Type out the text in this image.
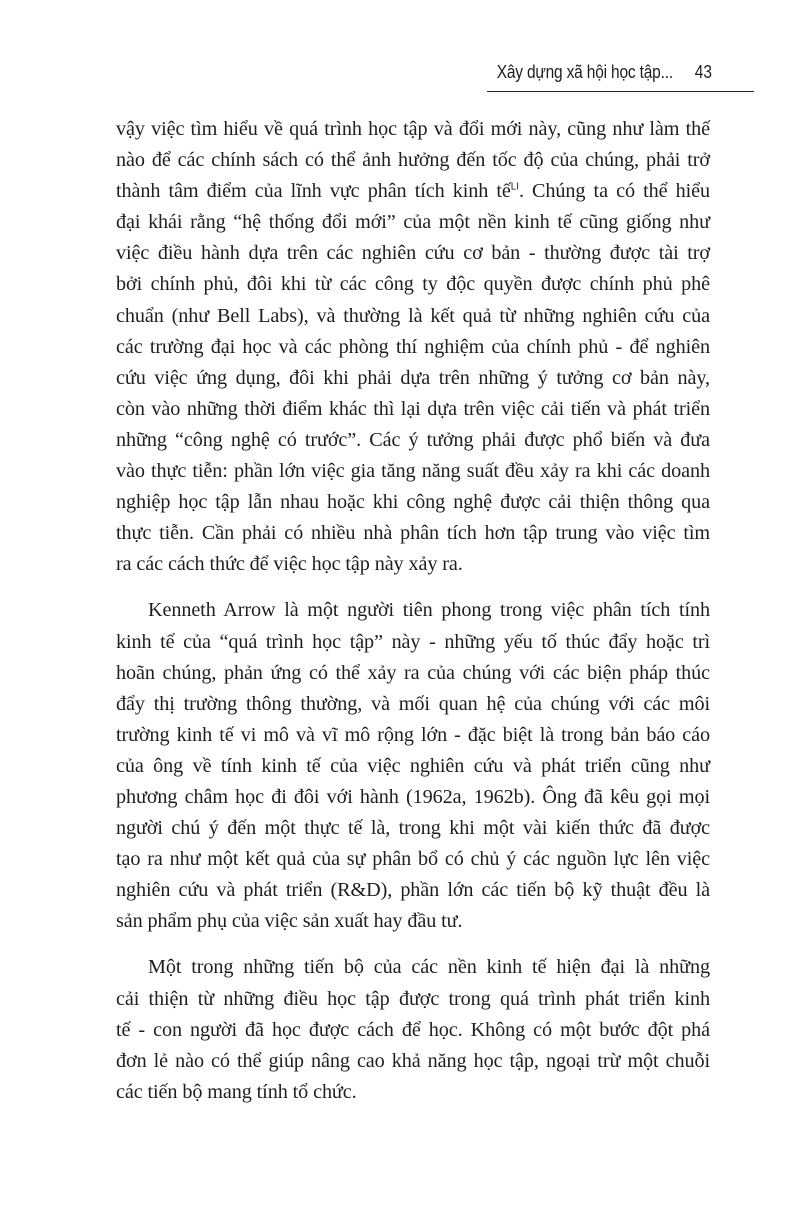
Xây dựng xã hội học tập... 43

vậy việc tìm hiểu về quá trình học tập và đổi mới này, cũng như làm thế
nào để các chính sách có thể ảnh hưởng đến tốc độ của chúng, phải trở
thành tâm điểm của lĩnh vực phân tích kinh tế$^{LI}$. Chúng ta có thể hiểu
đại khái rằng “hệ thống đổi mới” của một nền kinh tế cũng giống như
việc điều hành dựa trên các nghiên cứu cơ bản - thường được tài trợ
bởi chính phủ, đôi khi từ các công ty độc quyền được chính phủ phê
chuẩn (như Bell Labs), và thường là kết quả từ những nghiên cứu của
các trường đại học và các phòng thí nghiệm của chính phủ - để nghiên
cứu việc ứng dụng, đôi khi phải dựa trên những ý tưởng cơ bản này,
còn vào những thời điểm khác thì lại dựa trên việc cải tiến và phát triển
những “công nghệ có trước”. Các ý tưởng phải được phổ biến và đưa
vào thực tiễn: phần lớn việc gia tăng năng suất đều xảy ra khi các doanh
nghiệp học tập lẫn nhau hoặc khi công nghệ được cải thiện thông qua
thực tiễn. Cần phải có nhiều nhà phân tích hơn tập trung vào việc tìm
ra các cách thức để việc học tập này xảy ra.

Kenneth Arrow là một người tiên phong trong việc phân tích tính
kinh tế của “quá trình học tập” này - những yếu tố thúc đẩy hoặc trì
hoãn chúng, phản ứng có thể xảy ra của chúng với các biện pháp thúc
đẩy thị trường thông thường, và mối quan hệ của chúng với các môi
trường kinh tế vi mô và vĩ mô rộng lớn - đặc biệt là trong bản báo cáo
của ông về tính kinh tế của việc nghiên cứu và phát triển cũng như
phương châm học đi đôi với hành (1962a, 1962b). Ông đã kêu gọi mọi
người chú ý đến một thực tế là, trong khi một vài kiến thức đã được
tạo ra như một kết quả của sự phân bổ có chủ ý các nguồn lực lên việc
nghiên cứu và phát triển (R&D), phần lớn các tiến bộ kỹ thuật đều là
sản phẩm phụ của việc sản xuất hay đầu tư.

Một trong những tiến bộ của các nền kinh tế hiện đại là những
cải thiện từ những điều học tập được trong quá trình phát triển kinh
tế - con người đã học được cách để học. Không có một bước đột phá
đơn lẻ nào có thể giúp nâng cao khả năng học tập, ngoại trừ một chuỗi
các tiến bộ mang tính tổ chức.
